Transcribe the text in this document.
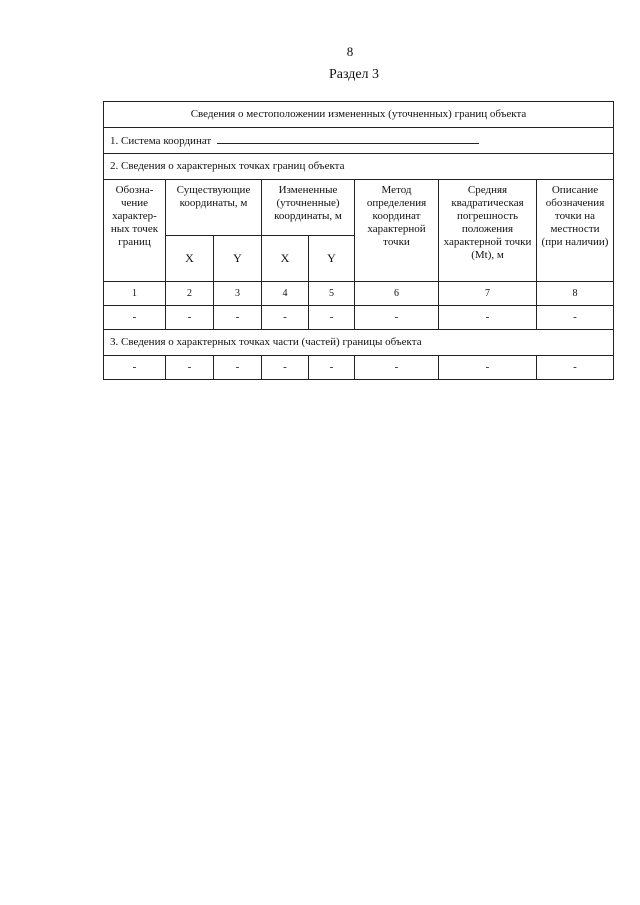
8
Раздел 3
Сведения о местоположении измененных (уточненных) границ объекта							
1. Система координат							
2. Сведения о характерных точках границ объекта							
Обозна-чение характер-ных точек границ	Существующие координаты, м		Измененные (уточненные) координаты, м		Метод определения координат характерной точки	Средняя квадратическая погрешность положения характерной точки (Mt), м	Описание обозначения точки на местности (при наличии)
	X	Y	X	Y			
1	2	3	4	5	6	7	8
-	-	-	-	-	-	-	-
3. Сведения о характерных точках части (частей) границы объекта							
-	-	-	-	-	-	-	-
